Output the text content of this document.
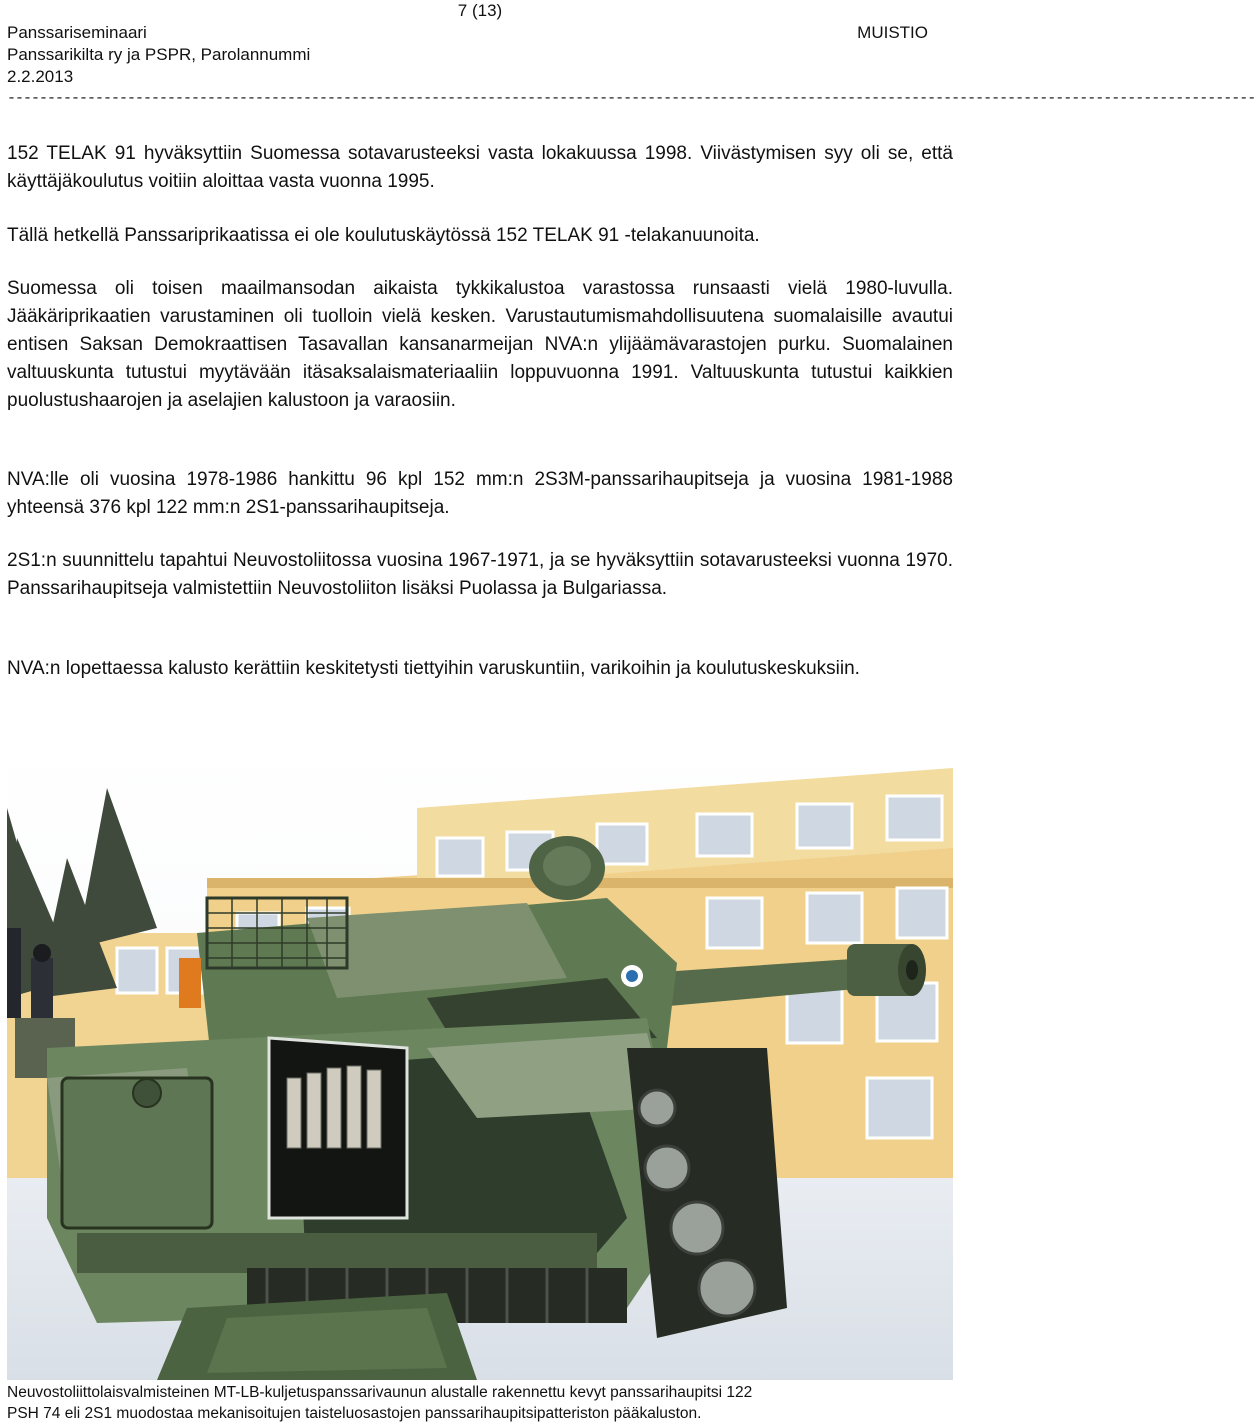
7 (13)
Panssariseminaari
Panssarikilta ry ja PSPR, Parolannummi
2.2.2013
MUISTIO
------------------------------------------------------------------------------------------------------------------------------------------------------------

152 TELAK 91 hyväksyttiin Suomessa sotavarusteeksi vasta lokakuussa 1998. Viivästymisen syy oli se, että käyttäjäkoulutus voitiin aloittaa vasta vuonna 1995.

Tällä hetkellä Panssariprikaatissa ei ole koulutuskäytössä 152 TELAK 91 -telakanuunoita.

Suomessa oli toisen maailmansodan aikaista tykkikalustoa varastossa runsaasti vielä 1980-luvulla. Jääkäriprikaatien varustaminen oli tuolloin vielä kesken. Varustautumismahdollisuutena suomalaisille avautui entisen Saksan Demokraattisen Tasavallan kansanarmeijan NVA:n ylijäämävarastojen purku. Suomalainen valtuuskunta tutustui myytävään itäsaksalaismateriaaliin loppuvuonna 1991. Valtuuskunta tutustui kaikkien puolustushaarojen ja aselajien kalustoon ja varaosiin.

NVA:lle oli vuosina 1978-1986 hankittu 96 kpl 152 mm:n 2S3M-panssarihaupitseja ja vuosina 1981-1988 yhteensä 376 kpl 122 mm:n 2S1-panssarihaupitseja.

2S1:n suunnittelu tapahtui Neuvostoliitossa vuosina 1967-1971, ja se hyväksyttiin sotavarusteeksi vuonna 1970. Panssarihaupitseja valmistettiin Neuvostoliiton lisäksi Puolassa ja Bulgariassa.

NVA:n lopettaessa kalusto kerättiin keskitetysti tiettyihin varuskuntiin, varikoihin ja koulutuskeskuksiin.

Neuvostoliittolaisvalmisteinen MT-LB-kuljetuspanssarivaunun alustalle rakennettu kevyt panssarihaupitsi 122
PSH 74 eli 2S1 muodostaa mekanisoitujen taisteluosastojen panssarihaupitsipatteriston pääkaluston.
